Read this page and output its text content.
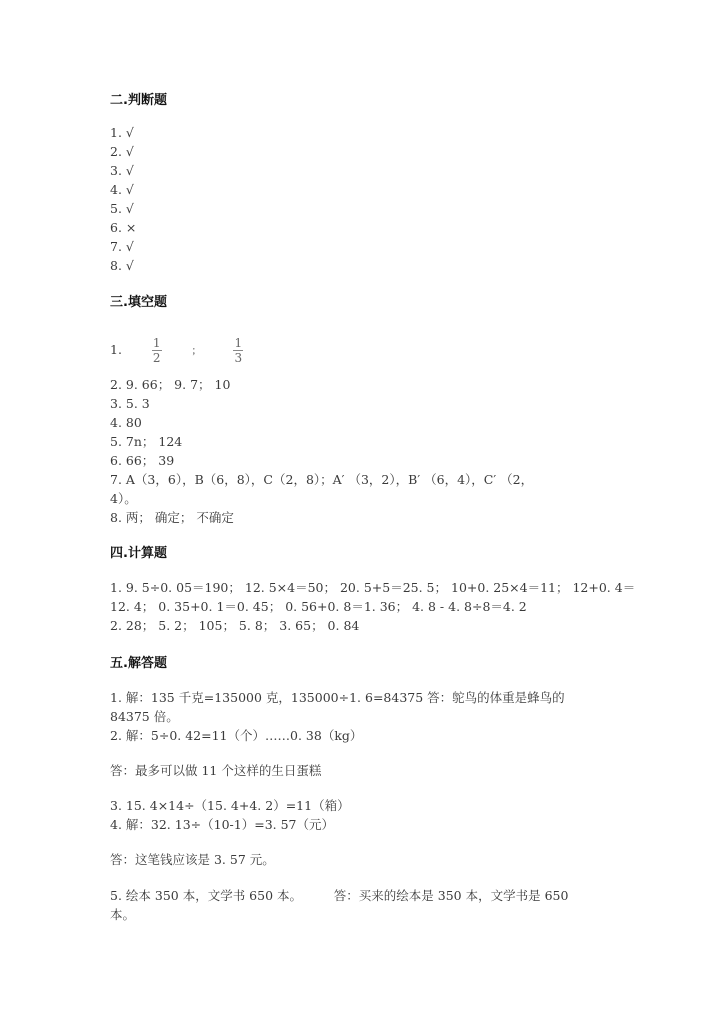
二.判断题
1. √
2. √
3. √
4. √
5. √
6. ×
7. √
8. √
三.填空题
1. $\frac{1}{2}$	；	$\frac{1}{3}$
2. 9. 66； 9. 7； 10
3. 5. 3
4. 80
5. 7n； 124
6. 66； 39
7. A（3，6），B（6，8），C（2，8）；A′ （3，2），B′ （6，4），C′ （2，
4）。
8. 两； 确定； 不确定
四.计算题
1. 9. 5÷0. 05＝190； 12. 5×4＝50； 20. 5+5＝25. 5； 10+0. 25×4＝11； 12+0. 4＝
12. 4； 0. 35+0. 1＝0. 45； 0. 56+0. 8＝1. 36； 4. 8 - 4. 8÷8＝4. 2
2. 28； 5. 2； 105； 5. 8； 3. 65； 0. 84
五.解答题
1. 解：135 千克=135000 克，135000÷1. 6=84375 答：鸵鸟的体重是蜂鸟的
84375 倍。
2. 解：5÷0. 42=11（个）……0. 38（kg）
答：最多可以做 11 个这样的生日蛋糕
3. 15. 4×14÷（15. 4+4. 2）=11（箱）
4. 解：32. 13÷（10-1）=3. 57（元）
答：这笔钱应该是 3. 57 元。
5. 绘本 350 本，文学书 650 本。        答：买来的绘本是 350 本，文学书是 650
本。
